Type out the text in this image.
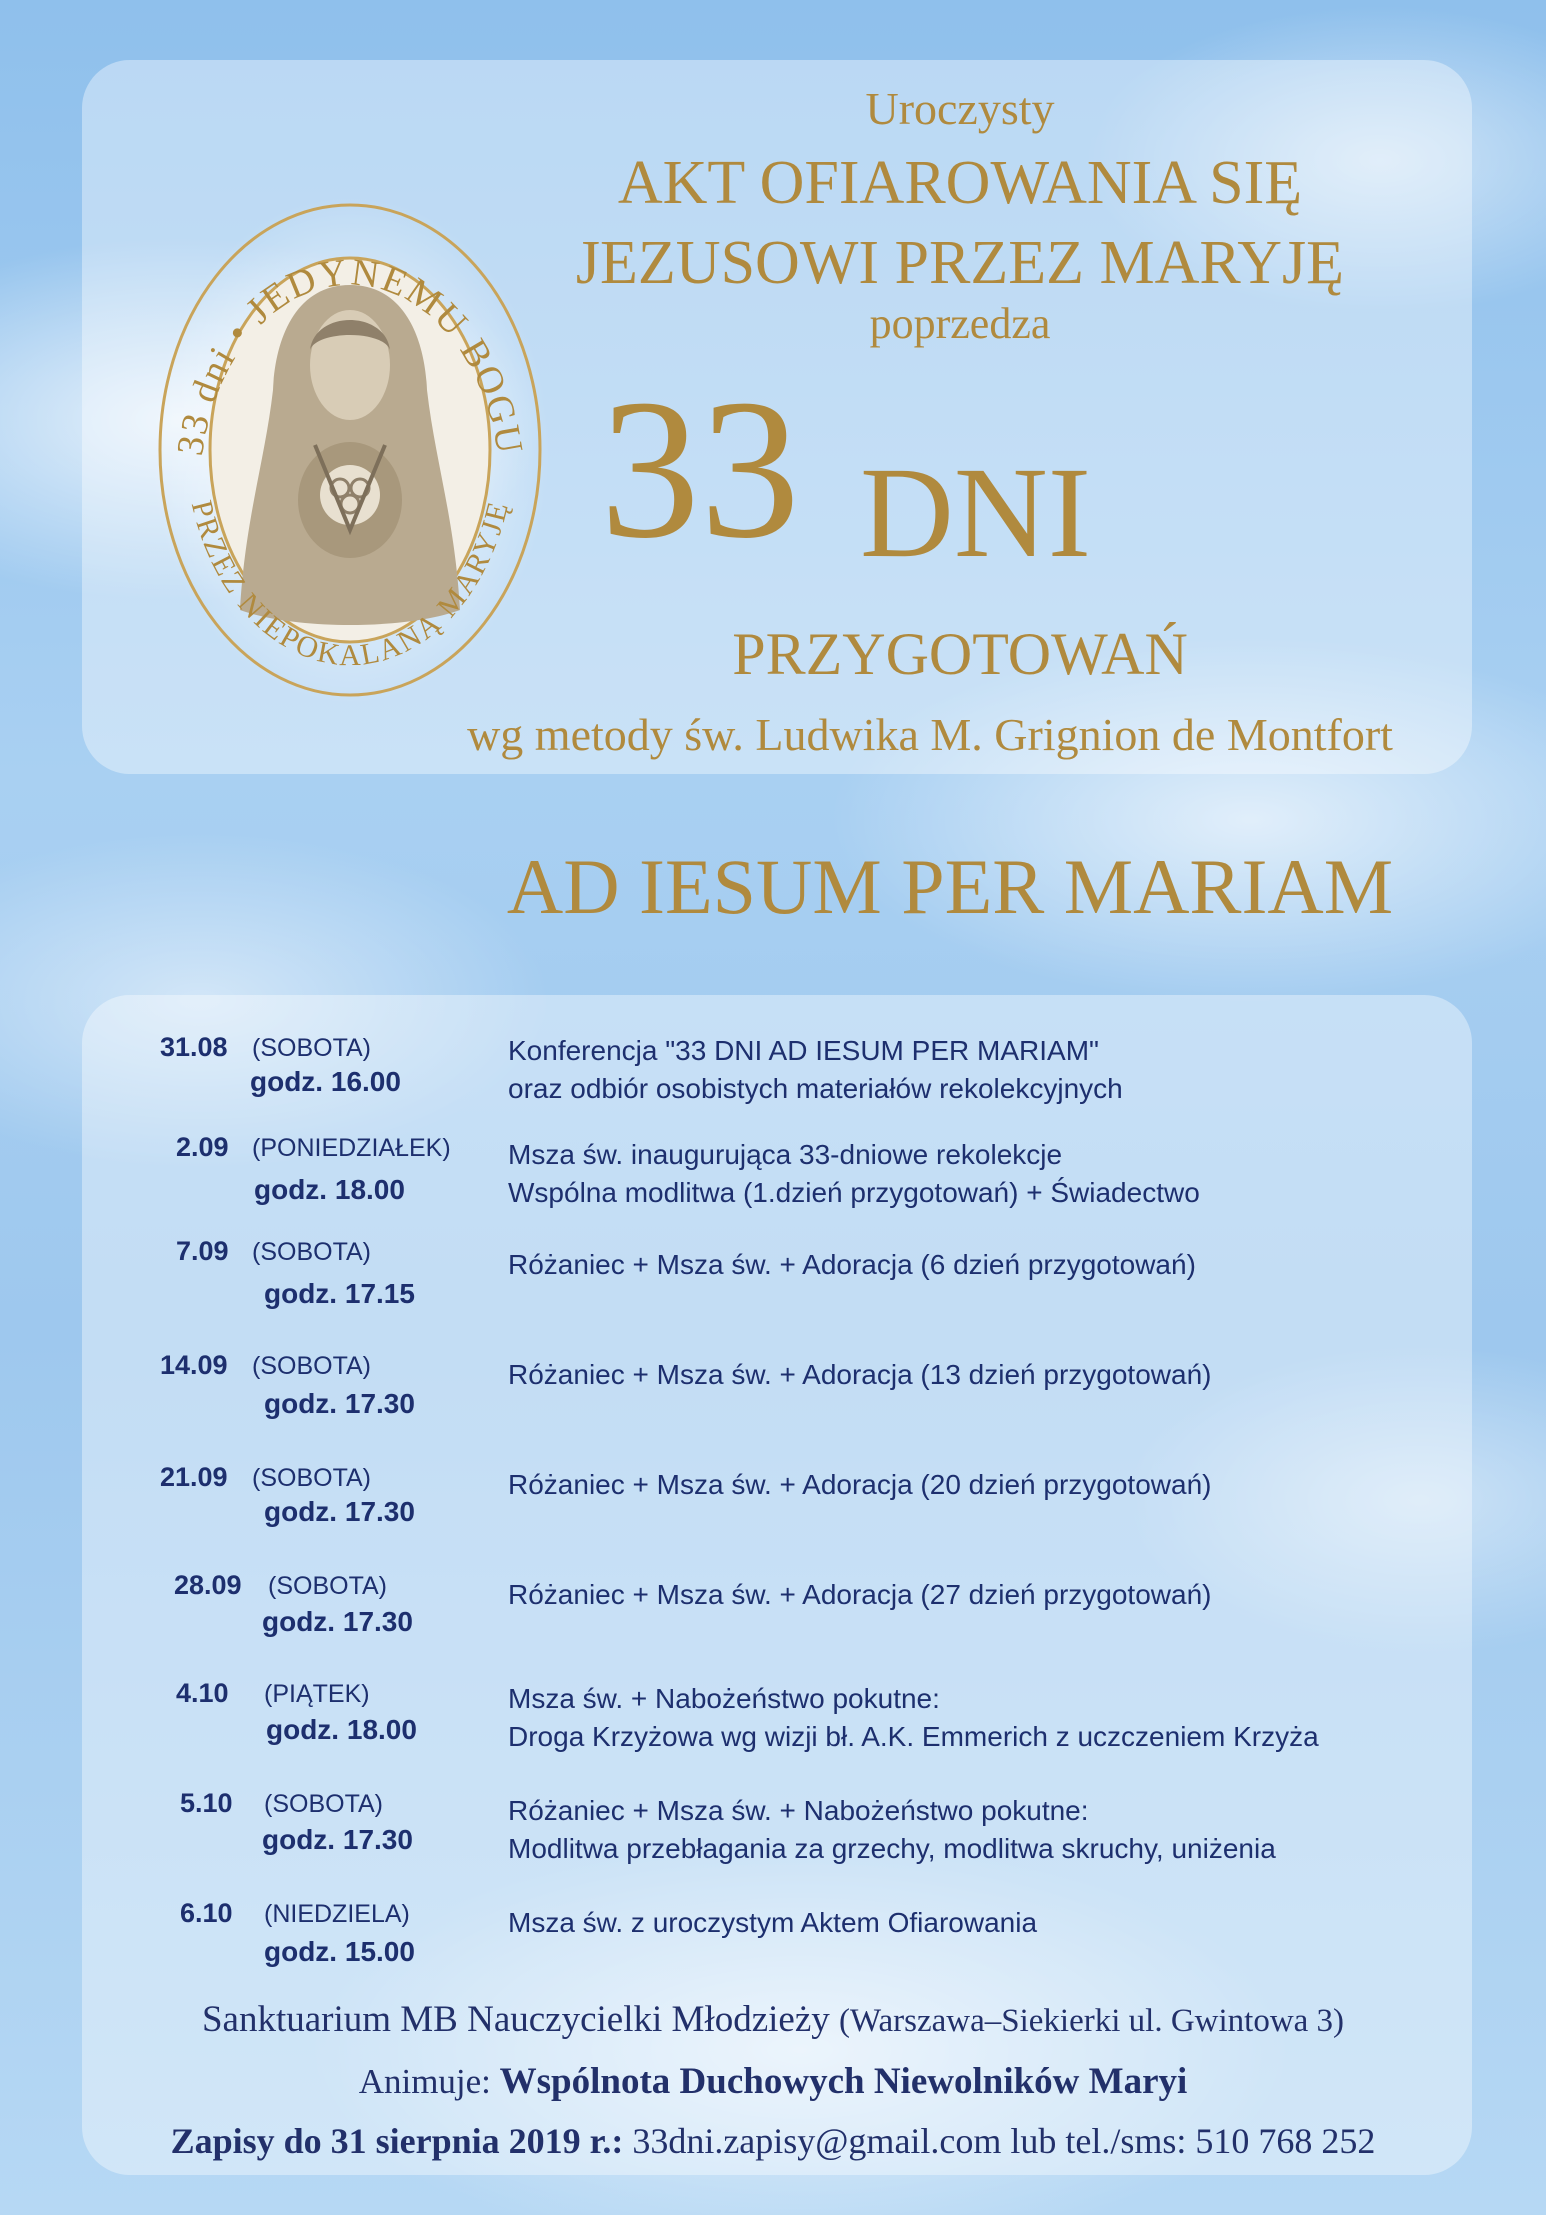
33 dni • JEDYNEMU BOGU
PRZEZ NIEPOKALANĄ MARYJĘ
Uroczysty
AKT OFIAROWANIA SIĘ
JEZUSOWI PRZEZ MARYJĘ
poprzedza
33 DNI
PRZYGOTOWAŃ
wg metody św. Ludwika M. Grignion de Montfort
AD IESUM PER MARIAM
31.08 (SOBOTA)
godz. 16.00
Konferencja "33 DNI AD IESUM PER MARIAM"
oraz odbiór osobistych materiałów rekolekcyjnych
2.09 (PONIEDZIAŁEK)
godz. 18.00
Msza św. inaugurująca 33-dniowe rekolekcje
Wspólna modlitwa (1.dzień przygotowań) + Świadectwo
7.09 (SOBOTA)
godz. 17.15
Różaniec + Msza św. + Adoracja (6 dzień przygotowań)
14.09 (SOBOTA)
godz. 17.30
Różaniec + Msza św. + Adoracja (13 dzień przygotowań)
21.09 (SOBOTA)
godz. 17.30
Różaniec + Msza św. + Adoracja (20 dzień przygotowań)
28.09 (SOBOTA)
godz. 17.30
Różaniec + Msza św. + Adoracja (27 dzień przygotowań)
4.10 (PIĄTEK)
godz. 18.00
Msza św. + Nabożeństwo pokutne:
Droga Krzyżowa wg wizji bł. A.K. Emmerich z uczczeniem Krzyża
5.10 (SOBOTA)
godz. 17.30
Różaniec + Msza św. + Nabożeństwo pokutne:
Modlitwa przebłagania za grzechy, modlitwa skruchy, uniżenia
6.10 (NIEDZIELA)
godz. 15.00
Msza św. z uroczystym Aktem Ofiarowania
Sanktuarium MB Nauczycielki Młodzieży (Warszawa–Siekierki ul. Gwintowa 3)
Animuje: Wspólnota Duchowych Niewolników Maryi
Zapisy do 31 sierpnia 2019 r.: 33dni.zapisy@gmail.com lub tel./sms: 510 768 252
